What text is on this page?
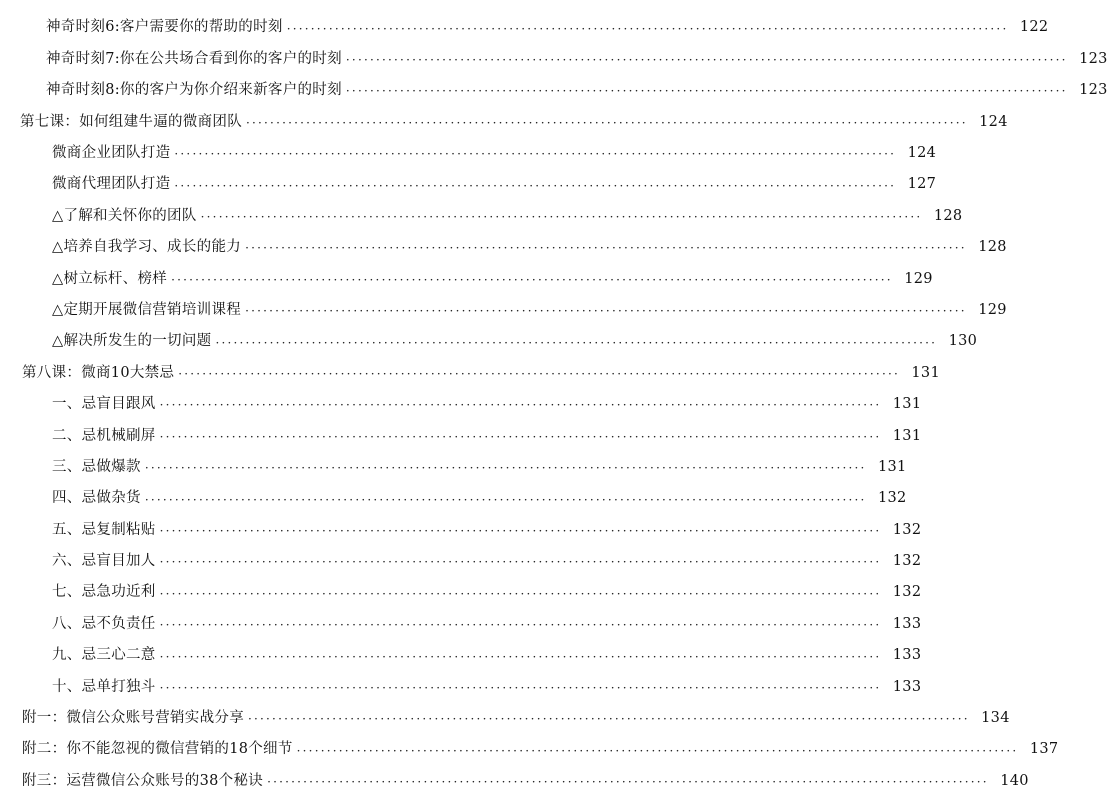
神奇时刻6:客户需要你的帮助的时刻 ························································································································ 122
神奇时刻7:你在公共场合看到你的客户的时刻 ························································································································ 123
神奇时刻8:你的客户为你介绍来新客户的时刻 ························································································································ 123
第七课：如何组建牛逼的微商团队 ························································································································ 124
微商企业团队打造 ························································································································ 124
微商代理团队打造 ························································································································ 127
△了解和关怀你的团队 ························································································································ 128
△培养自我学习、成长的能力 ························································································································ 128
△树立标杆、榜样 ························································································································ 129
△定期开展微信营销培训课程 ························································································································ 129
△解决所发生的一切问题 ························································································································ 130
第八课：微商10大禁忌 ························································································································ 131
一、忌盲目跟风 ························································································································ 131
二、忌机械刷屏 ························································································································ 131
三、忌做爆款 ························································································································ 131
四、忌做杂货 ························································································································ 132
五、忌复制粘贴 ························································································································ 132
六、忌盲目加人 ························································································································ 132
七、忌急功近利 ························································································································ 132
八、忌不负责任 ························································································································ 133
九、忌三心二意 ························································································································ 133
十、忌单打独斗 ························································································································ 133
附一：微信公众账号营销实战分享 ························································································································ 134
附二：你不能忽视的微信营销的18个细节 ························································································································ 137
附三：运营微信公众账号的38个秘诀 ························································································································ 140
